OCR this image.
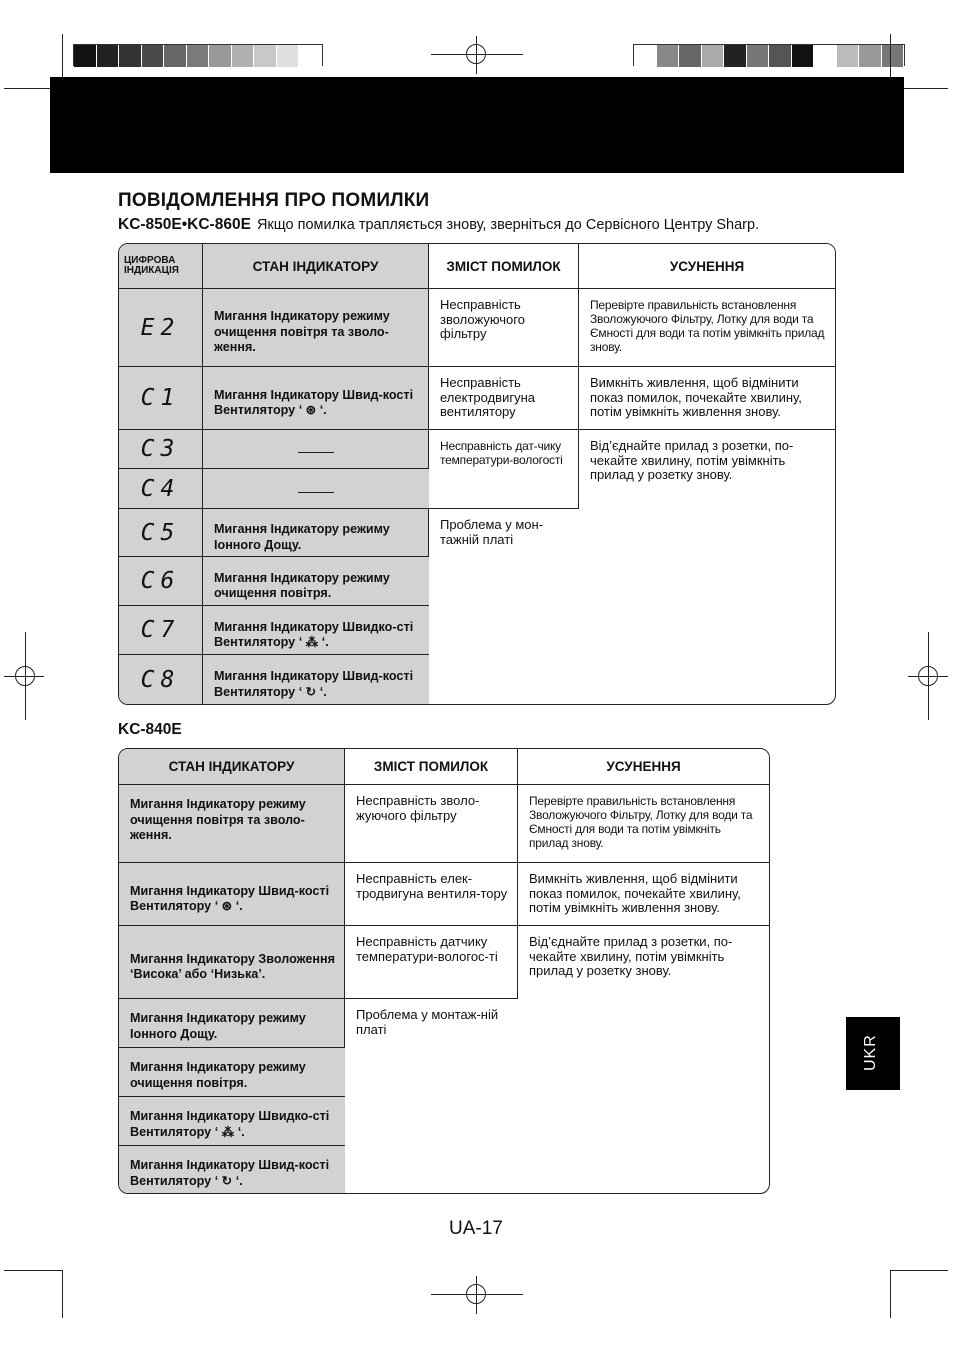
ПОВІДОМЛЕННЯ ПРО ПОМИЛКИ
KC-850E•KC-860E Якщо помилка трапляється знову, зверніться до Сервісного Центру Sharp.
ЦИФРОВА
ІНДИКАЦІЯ	СТАН ІНДИКАТОРУ	ЗМІСТ ПОМИЛОК	УСУНЕННЯ
E2	Мигання Індикатору режиму очищення повітря та зволо-ження.	Несправність зволожуючого фільтру	Перевірте правильність встановлення Зволожуючого Фільтру, Лотку для води та Ємності для води та потім увімкніть прилад знову.
C1	Мигання Індикатору Швид-кості Вентилятору ‘ ⊛ ‘.	Несправність електродвигуна вентилятору	Вимкніть живлення, щоб відмінити показ помилок, почекайте хвилину, потім увімкніть живлення знову.
C3		Несправність дат-чику температури-вологості	Від’єднайте прилад з розетки, по-чекайте хвилину, потім увімкніть прилад у розетку знову.
C4			
C5	Мигання Індикатору режиму Іонного Дощу.	Проблема у мон-тажній платі	
C6	Мигання Індикатору режиму очищення повітря.		
C7	Мигання Індикатору Швидко-сті Вентилятору ‘ ⁂ ‘.		
C8	Мигання Індикатору Швид-кості Вентилятору ‘ ↻ ‘.		
KC-840E
СТАН ІНДИКАТОРУ	ЗМІСТ ПОМИЛОК	УСУНЕННЯ
Мигання Індикатору режиму очищення повітря та зволо-ження.	Несправність зволо-жуючого фільтру	Перевірте правильність встановлення Зволожуючого Фільтру, Лотку для води та Ємності для води та потім увімкніть прилад знову.
Мигання Індикатору Швид-кості Вентилятору ‘ ⊛ ‘.	Несправність елек-тродвигуна вентиля-тору	Вимкніть живлення, щоб відмінити показ помилок, почекайте хвилину, потім увімкніть живлення знову.
Мигання Індикатору Зволоження ‘Висока’ або ‘Низька’.	Несправність датчику температури-вологос-ті	Від’єднайте прилад з розетки, по-чекайте хвилину, потім увімкніть прилад у розетку знову.
Мигання Індикатору режиму Іонного Дощу.	Проблема у монтаж-ній платі	
Мигання Індикатору режиму очищення повітря.		
Мигання Індикатору Швидко-сті Вентилятору ‘ ⁂ ‘.		
Мигання Індикатору Швид-кості Вентилятору ‘ ↻ ‘.		
UA-17
UKR
